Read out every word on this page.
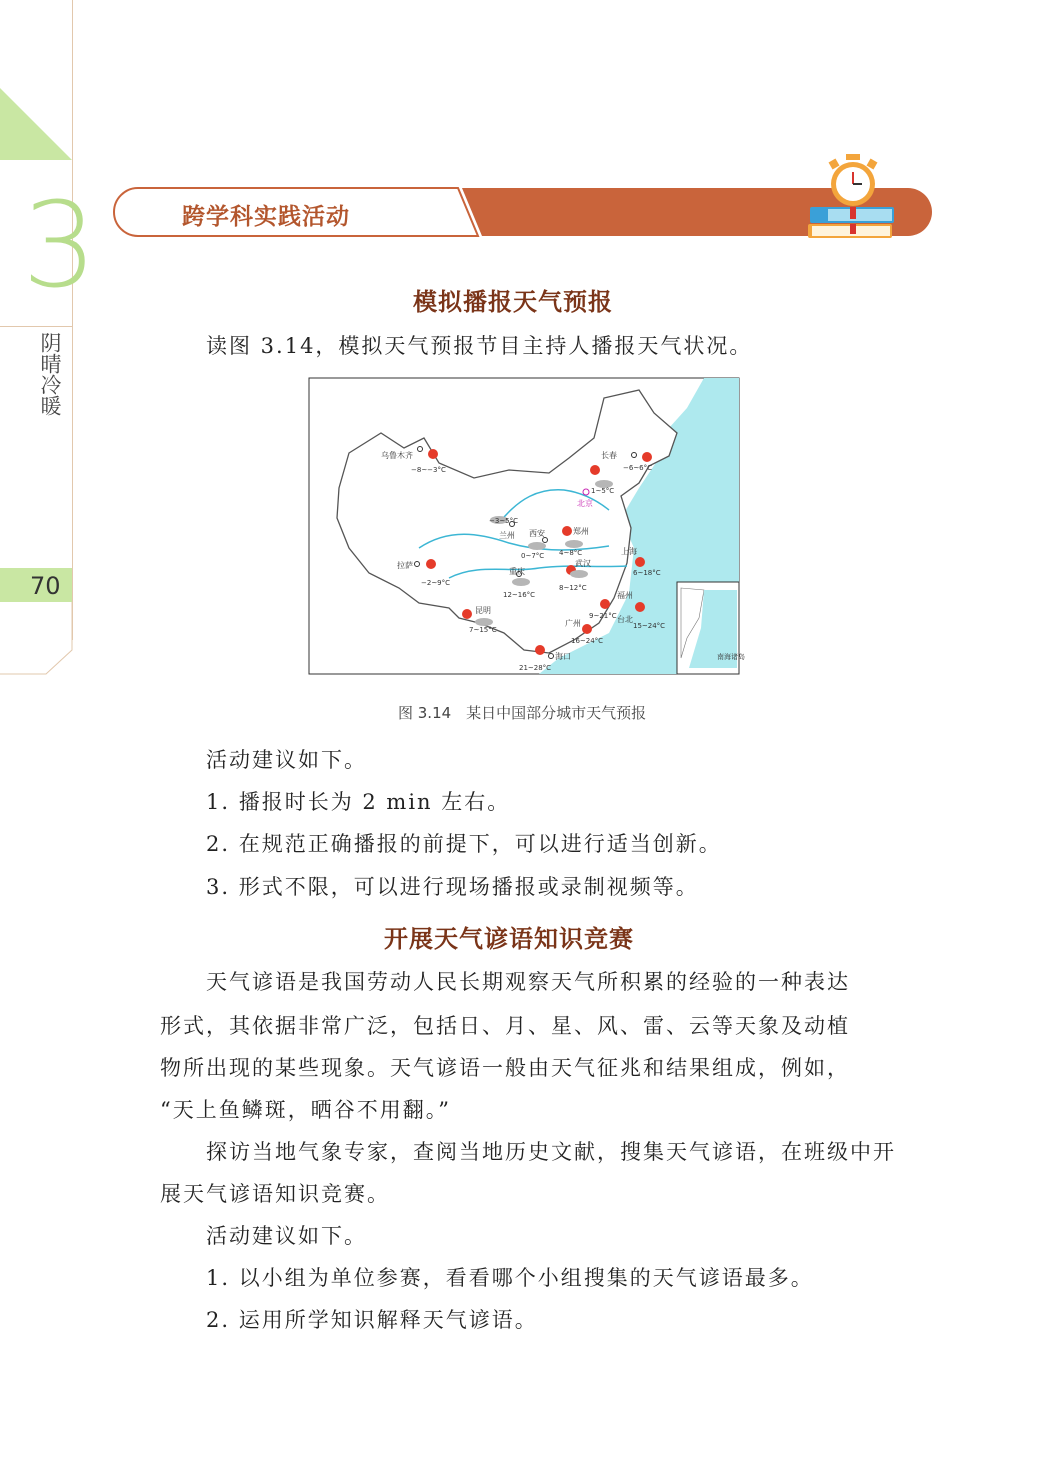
3
阴晴冷暖
70
跨学科实践活动
模拟播报天气预报
读图 3.14，模拟天气预报节目主持人播报天气状况。
南海诸岛
乌鲁木齐
−8~−3°C
长春
−6~6°C
北京
1~5°C
兰州
−3~5°C
西安
0~7°C
郑州
4~8°C
拉萨
−2~9°C
上海
6~18°C
重庆
12~16°C
武汉
8~12°C
昆明
7~15°C
福州
9~21°C 台北
15~24°C
广州
16~24°C
海口
21~28°C
图 3.14　某日中国部分城市天气预报
活动建议如下。
1. 播报时长为 2 min 左右。
2. 在规范正确播报的前提下，可以进行适当创新。
3. 形式不限，可以进行现场播报或录制视频等。
开展天气谚语知识竞赛
天气谚语是我国劳动人民长期观察天气所积累的经验的一种表达
形式，其依据非常广泛，包括日、月、星、风、雷、云等天象及动植
物所出现的某些现象。天气谚语一般由天气征兆和结果组成，例如，
“天上鱼鳞斑，晒谷不用翻。”
探访当地气象专家，查阅当地历史文献，搜集天气谚语，在班级中开
展天气谚语知识竞赛。
活动建议如下。
1. 以小组为单位参赛，看看哪个小组搜集的天气谚语最多。
2. 运用所学知识解释天气谚语。
